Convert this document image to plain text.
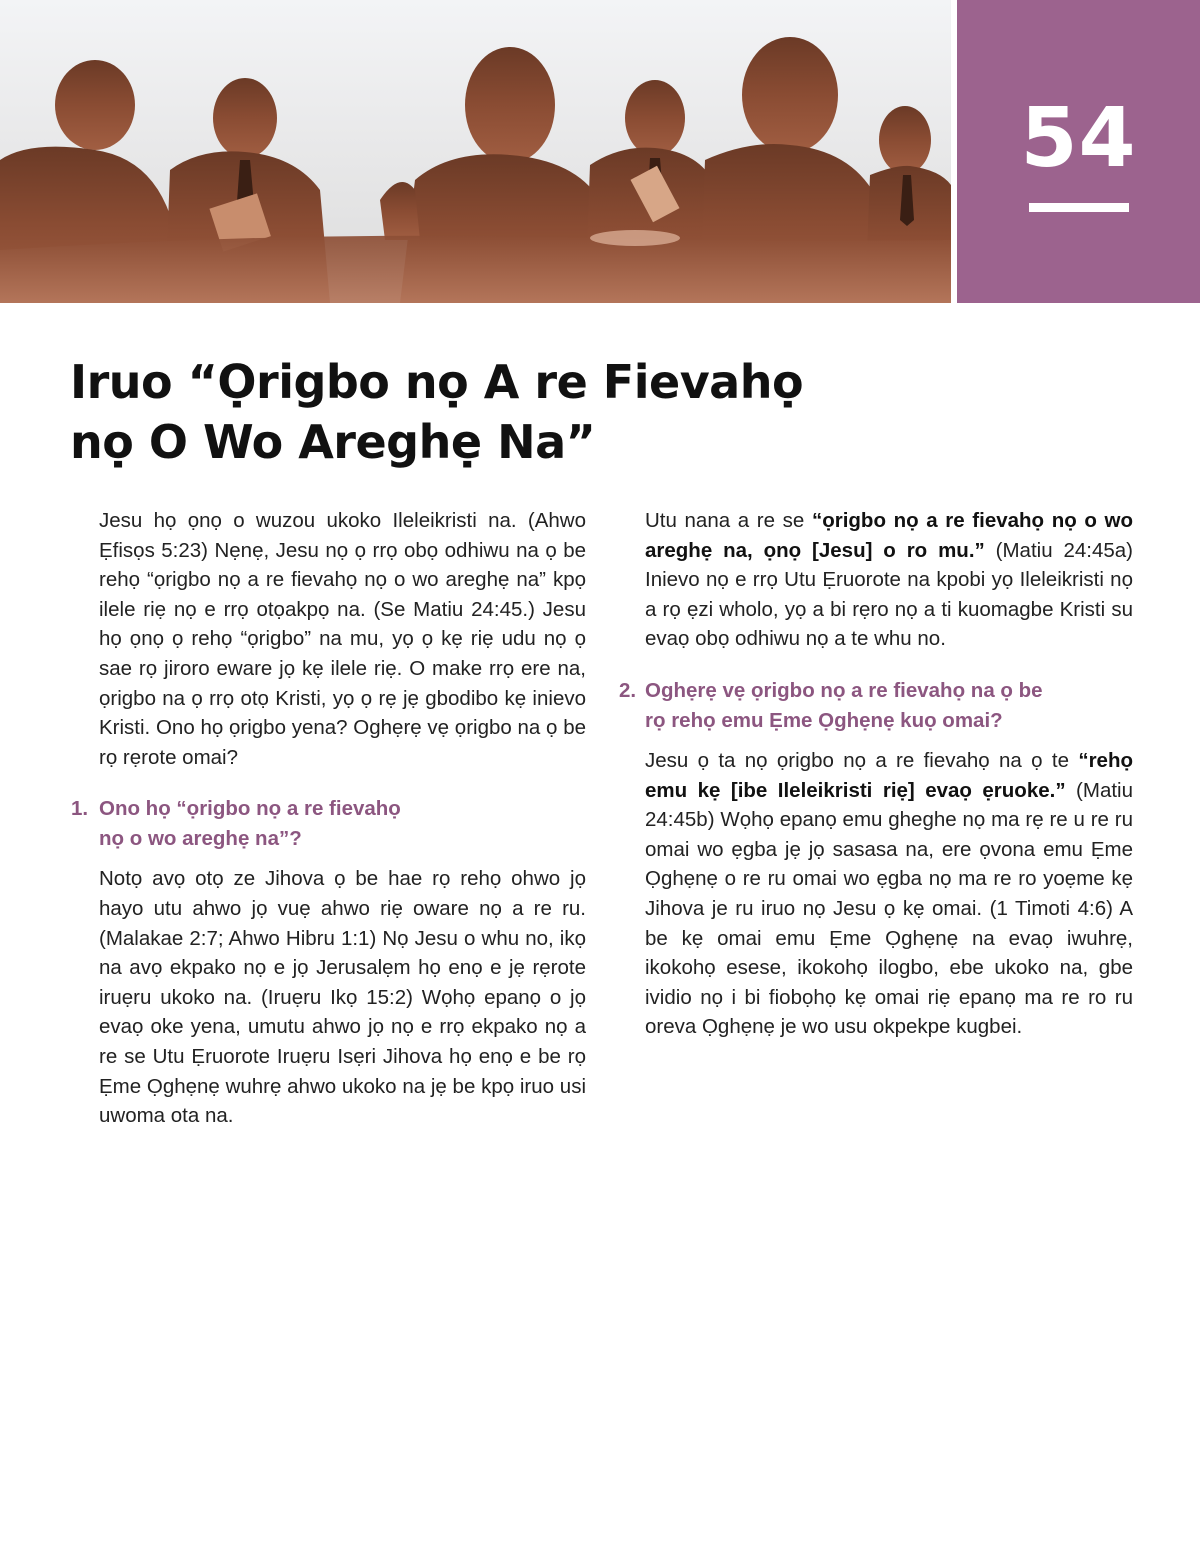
54
Iruo “Ọrigbo nọ A re Fievahọ
nọ O Wo Areghẹ Na”

Jesu họ ọnọ o wuzou ukoko Ileleikristi na. (Ahwo Ẹfisọs 5:23) Nẹnẹ, Jesu nọ ọ rrọ obọ odhiwu na ọ be rehọ “ọrigbo nọ a re fievahọ nọ o wo areghẹ na” kpọ ilele riẹ nọ e rrọ otọakpọ na. (Se Matiu 24:45.) Jesu họ ọnọ ọ rehọ “ọrigbo” na mu, yọ ọ kẹ riẹ udu nọ ọ sae rọ jiroro eware jọ kẹ ilele riẹ. O make rrọ ere na, ọrigbo na ọ rrọ otọ Kristi, yọ ọ rẹ jẹ gbodibo kẹ inievo Kristi. Ono họ ọrigbo yena? Oghẹrẹ vẹ ọrigbo na ọ be rọ rẹrote omai?

1. Ono họ “ọrigbo nọ a re fievahọ
nọ o wo areghẹ na”?

Notọ avọ otọ ze Jihova ọ be hae rọ rehọ ohwo jọ hayo utu ahwo jọ vuẹ ahwo riẹ oware nọ a re ru. (Malakae 2:7; Ahwo Hibru 1:1) Nọ Jesu o whu no, ikọ na avọ ekpako nọ e jọ Jerusalẹm họ enọ e jẹ rẹrote iruẹru ukoko na. (Iruẹru Ikọ 15:2) Wọhọ epanọ o jọ evaọ oke yena, umutu ahwo jọ nọ e rrọ ekpako nọ a re se Utu Ẹruorote Iruẹru Isẹri Jihova họ enọ e be rọ Ẹme Ọghẹnẹ wuhrẹ ahwo ukoko na jẹ be kpọ iruo usi uwoma ota na.

Utu nana a re se “ọrigbo nọ a re fievahọ nọ o wo areghẹ na, ọnọ [Jesu] o ro mu.” (Matiu 24:45a) Inievo nọ e rrọ Utu Ẹruorote na kpobi yọ Ileleikristi nọ a rọ ẹzi wholo, yọ a bi rẹro nọ a ti kuomagbe Kristi su evaọ obọ odhiwu nọ a te whu no.

2. Oghẹrẹ vẹ ọrigbo nọ a re fievahọ na ọ be
rọ rehọ emu Ẹme Ọghẹnẹ kuọ omai?

Jesu ọ ta nọ ọrigbo nọ a re fievahọ na ọ te “rehọ emu kẹ [ibe Ileleikristi riẹ] evaọ ẹruoke.” (Matiu 24:45b) Wọhọ epanọ emu gheghe nọ ma rẹ re u re ru omai wo ẹgba jẹ jọ sasasa na, ere ọvona emu Ẹme Ọghẹnẹ o re ru omai wo ẹgba nọ ma re ro yoẹme kẹ Jihova je ru iruo nọ Jesu ọ kẹ omai. (1 Timoti 4:6) A be kẹ omai emu Ẹme Ọghẹnẹ na evaọ iwuhrẹ, ikokohọ esese, ikokohọ ilogbo, ebe ukoko na, gbe ividio nọ i bi fiobọhọ kẹ omai riẹ epanọ ma re ro ru oreva Ọghẹnẹ je wo usu okpekpe kugbei.
